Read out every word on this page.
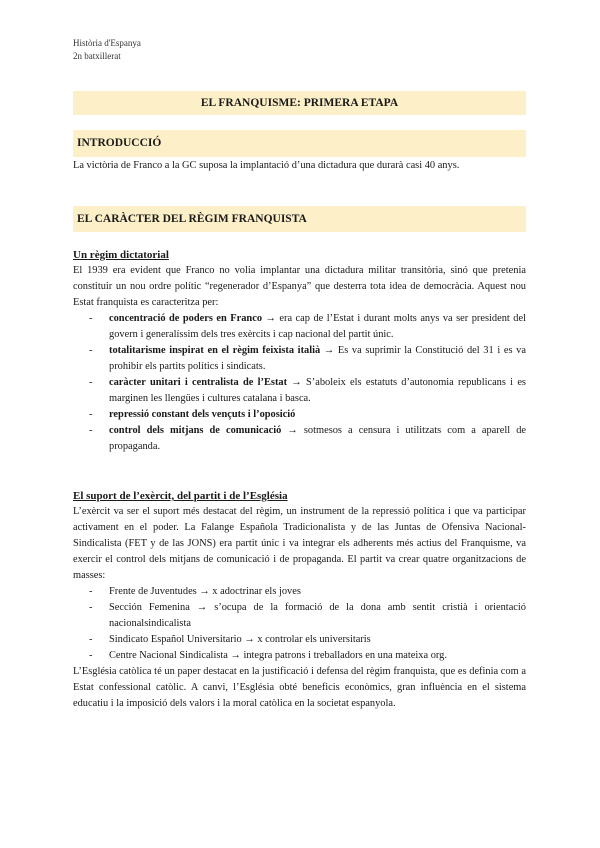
Història d'Espanya
2n batxillerat
EL FRANQUISME: PRIMERA ETAPA
INTRODUCCIÓ

La victòria de Franco a la GC suposa la implantació d’una dictadura que durarà casi 40 anys.

EL CARÀCTER DEL RÈGIM FRANQUISTA

Un règim dictatorial

El 1939 era evident que Franco no volia implantar una dictadura militar transitòria, sinó que pretenia constituir un nou ordre polític “regenerador d’Espanya” que desterra tota idea de democràcia. Aquest nou Estat franquista es caracteritza per:

- concentració de poders en Franco → era cap de l’Estat i durant molts anys va ser president del govern i generalíssim dels tres exèrcits i cap nacional del partit únic.
- totalitarisme inspirat en el règim feixista italià → Es va suprimir la Constitució del 31 i es va prohibir els partits polítics i sindicats.
- caràcter unitari i centralista de l’Estat → S’aboleix els estatuts d’autonomia republicans i es marginen les llengües i cultures catalana i basca.
- repressió constant dels vençuts i l’oposició
- control dels mitjans de comunicació → sotmesos a censura i utilitzats com a aparell de propaganda.

El suport de l’exèrcit, del partit i de l’Església

L’exèrcit va ser el suport més destacat del règim, un instrument de la repressió política i que va participar activament en el poder. La Falange Española Tradicionalista y de las Juntas de Ofensiva Nacional-Sindicalista (FET y de las JONS) era partit únic i va integrar els adherents més actius del Franquisme, va exercir el control dels mitjans de comunicació i de propaganda. El partit va crear quatre organitzacions de masses:

- Frente de Juventudes → x adoctrinar els joves
- Sección Femenina → s’ocupa de la formació de la dona amb sentit cristià i orientació nacionalsindicalista
- Sindicato Español Universitario → x controlar els universitaris
- Centre Nacional Sindicalista → integra patrons i treballadors en una mateixa org.

L’Església catòlica té un paper destacat en la justificació i defensa del règim franquista, que es definia com a Estat confessional catòlic. A canvi, l’Església obté beneficis econòmics, gran influència en el sistema educatiu i la imposició dels valors i la moral catòlica en la societat espanyola.
